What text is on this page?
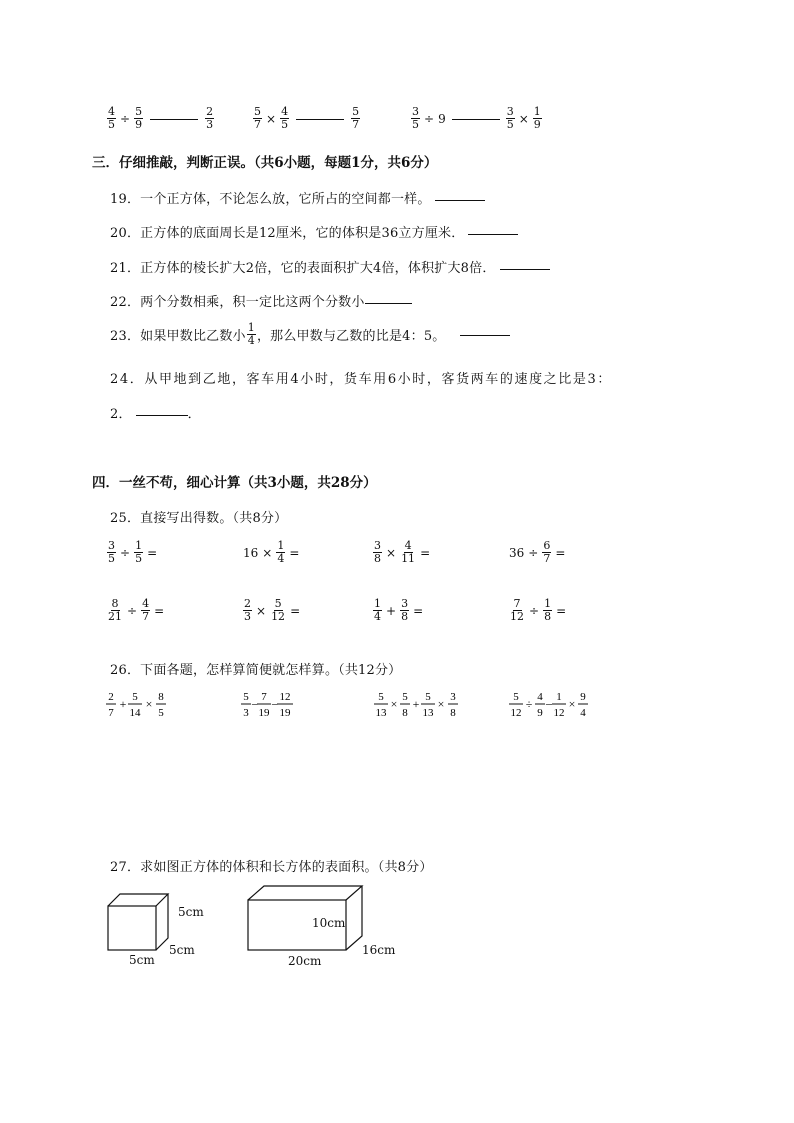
$\frac{4}{5} \div \frac{5}{9}$	$\frac{2}{3}$	$\frac{5}{7} \times \frac{4}{5}$	$\frac{5}{7}$	$\frac{3}{5} \div 9$	$\frac{3}{5} \times \frac{1}{9}$
三．仔细推敲，判断正误。（共6小题，每题1分，共6分）
19．一个正方体，不论怎么放，它所占的空间都一样。
20．正方体的底面周长是12厘米，它的体积是36立方厘米．
21．正方体的棱长扩大2倍，它的表面积扩大4倍，体积扩大8倍．
22．两个分数相乘，积一定比这两个分数小
23．如果甲数比乙数小 $\frac{1}{4}$ ，那么甲数与乙数的比是4：5。
24．从甲地到乙地，客车用4小时，货车用6小时，客货两车的速度之比是3：
2．	．
四．一丝不苟，细心计算（共3小题，共28分）
25．直接写出得数。（共8分）
$\frac{3}{5} \div \frac{1}{5}$ =	$16 \times \frac{1}{4}$ =	$\frac{3}{8} \times \frac{4}{11}$ =	$36 \div \frac{6}{7}$ =
$\frac{8}{21} \div \frac{4}{7}$ =	$\frac{2}{3} \times \frac{5}{12}$ =	$\frac{1}{4} + \frac{3}{8}$ =	$\frac{7}{12} \div \frac{1}{8}$ =
26．下面各题，怎样算简便就怎样算。（共12分）
2
7
+ 5
14
× 8
5
5
3
– 7
19
– 12
19
5
13
× 5
8
+ 5
13
× 3
8
5
12
÷ 4
9
– 1
12
× 9
4
27．求如图正方体的体积和长方体的表面积。（共8分）
5cm
5cm
5cm
10cm
16cm
20cm
